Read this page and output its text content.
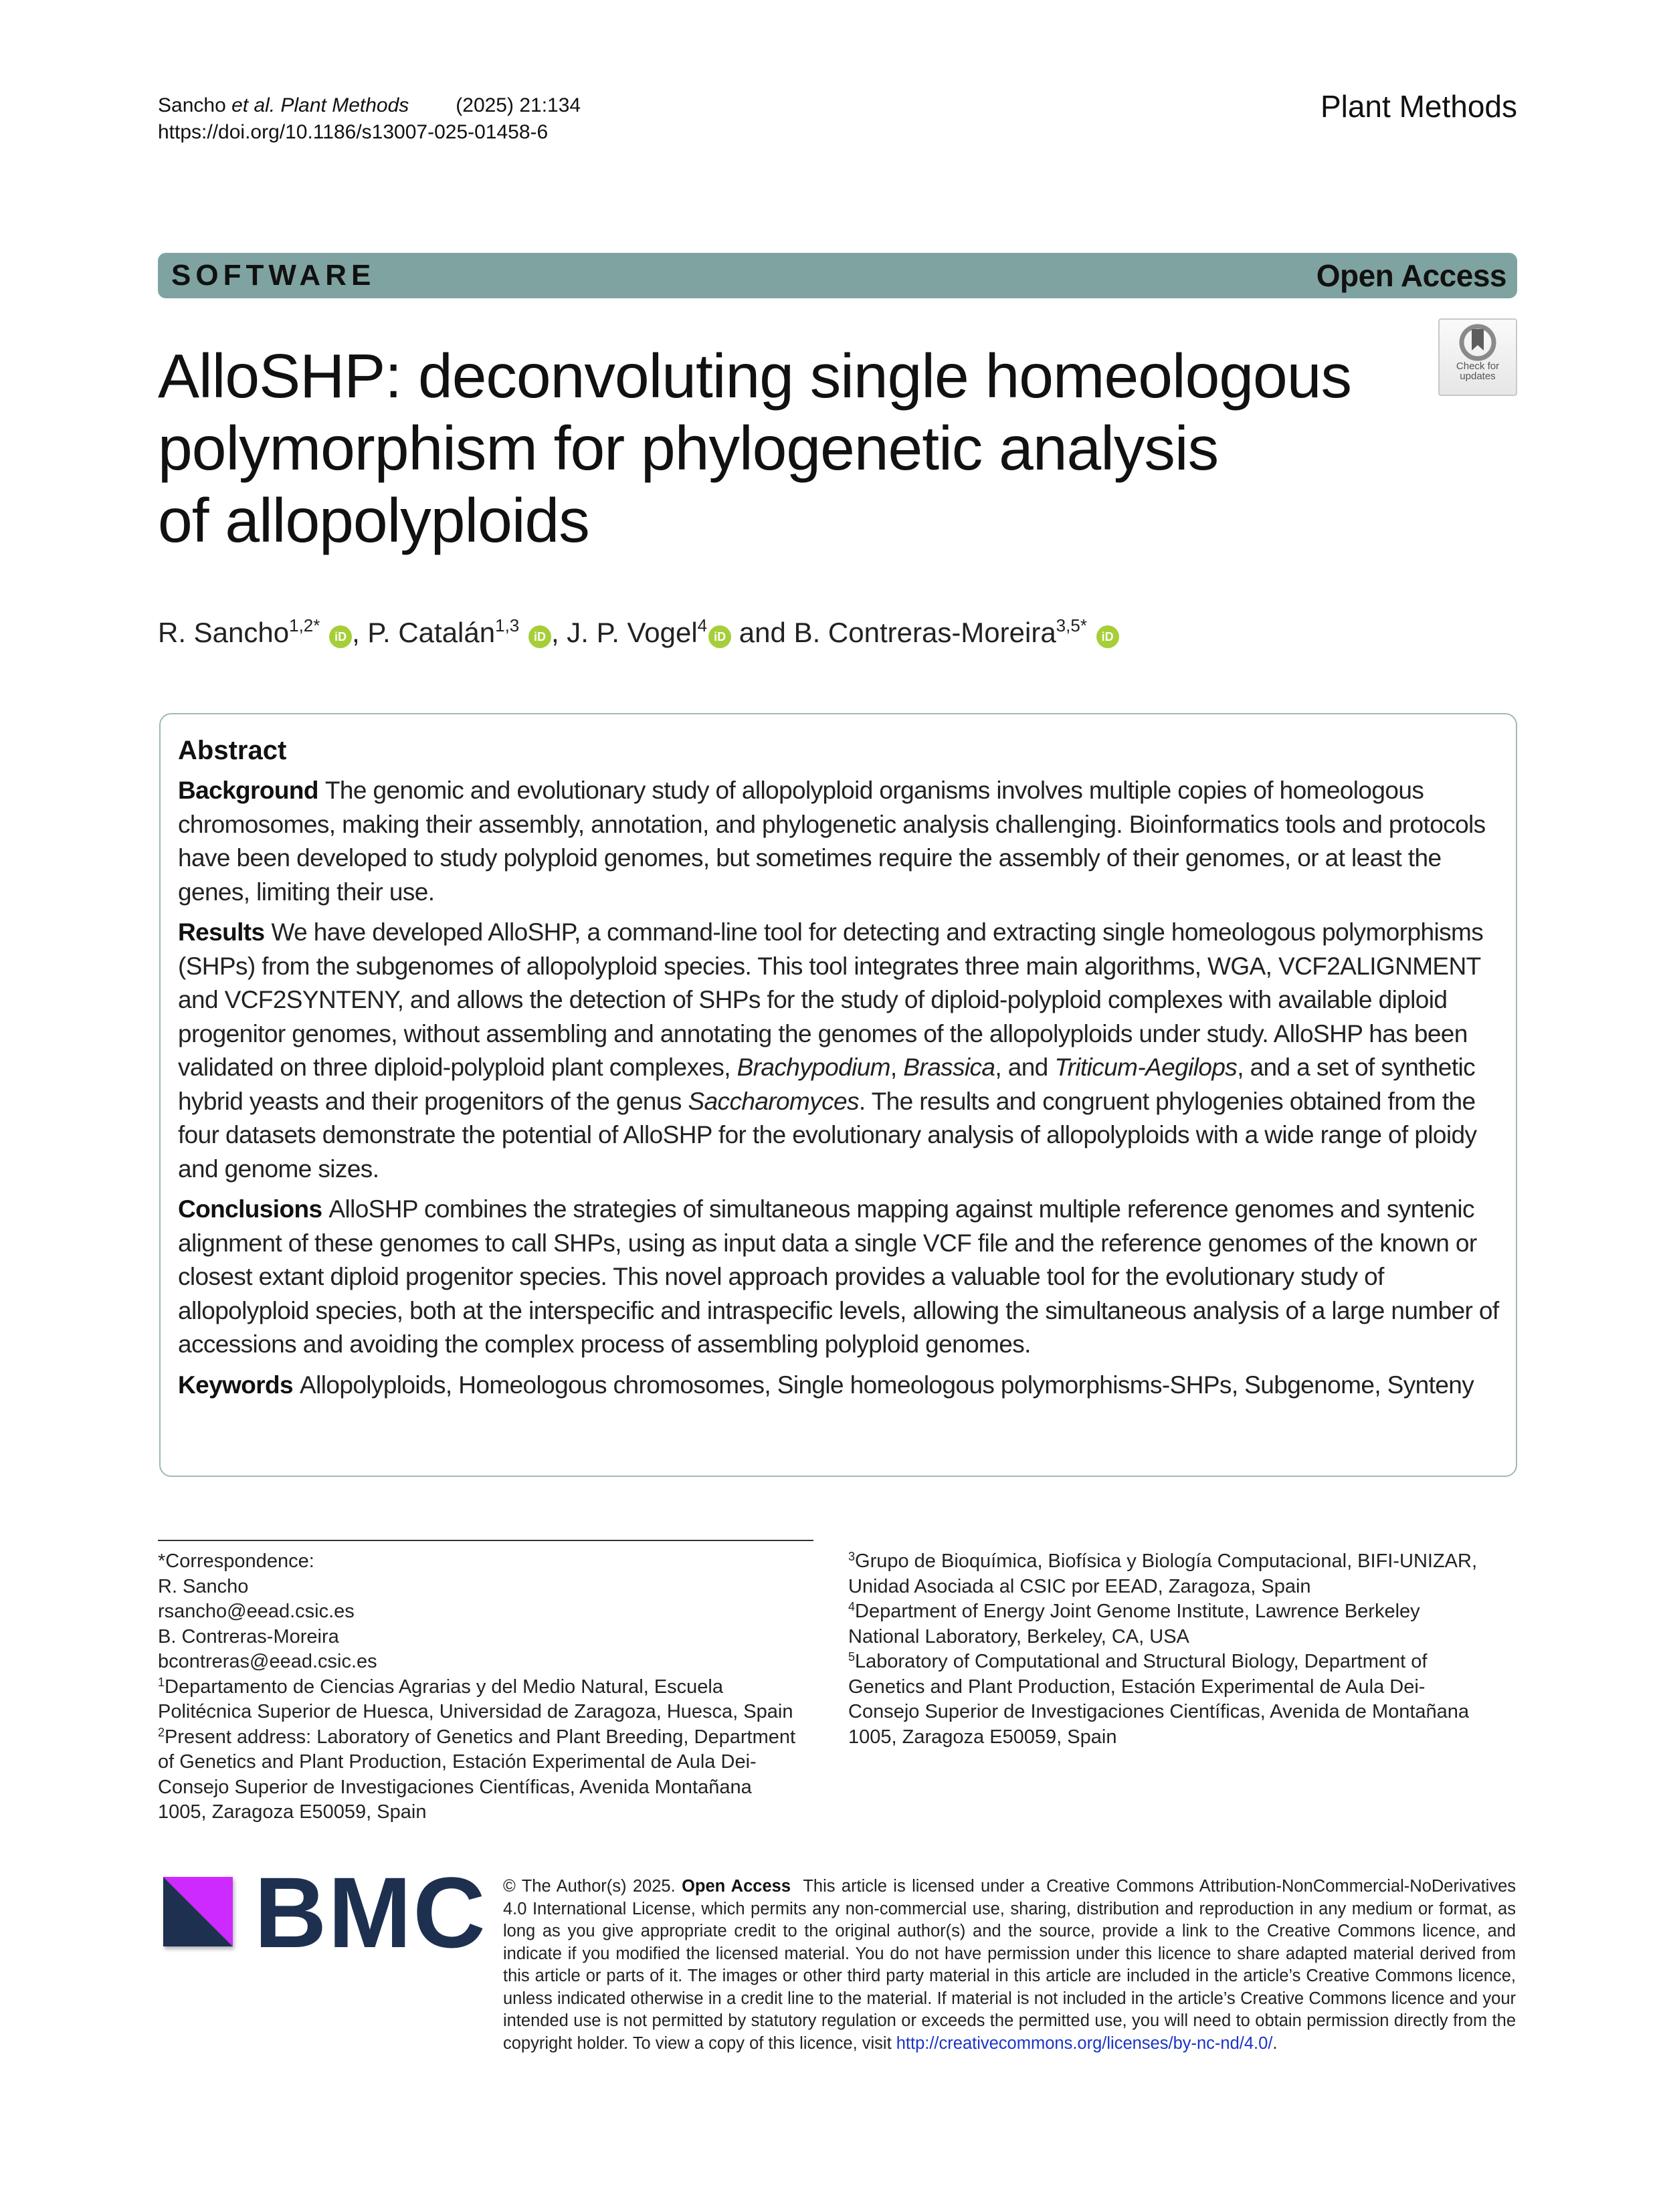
Sancho et al. Plant Methods (2025) 21:134
https://doi.org/10.1186/s13007-025-01458-6
Plant Methods
SOFTWARE	Open Access
Check for
updates
AlloSHP: deconvoluting single homeologous
polymorphism for phylogenetic analysis
of allopolyploids
R. Sancho$^{1,2*}$ iD , P. Catalán$^{1,3}$ iD , J. P. Vogel$^4$iD and B. Contreras-Moreira$^{3,5*}$ iD
Abstract

Background The genomic and evolutionary study of allopolyploid organisms involves multiple copies of homeologous chromosomes, making their assembly, annotation, and phylogenetic analysis challenging. Bioinformatics tools and protocols have been developed to study polyploid genomes, but sometimes require the assembly of their genomes, or at least the genes, limiting their use.

Results We have developed AlloSHP, a command-line tool for detecting and extracting single homeologous polymorphisms (SHPs) from the subgenomes of allopolyploid species. This tool integrates three main algorithms, WGA, VCF2ALIGNMENT and VCF2SYNTENY, and allows the detection of SHPs for the study of diploid-polyploid complexes with available diploid progenitor genomes, without assembling and annotating the genomes of the allopolyploids under study. AlloSHP has been validated on three diploid-polyploid plant complexes, Brachypodium, Brassica, and Triticum-Aegilops, and a set of synthetic hybrid yeasts and their progenitors of the genus Saccharomyces. The results and congruent phylogenies obtained from the four datasets demonstrate the potential of AlloSHP for the evolutionary analysis of allopolyploids with a wide range of ploidy and genome sizes.

Conclusions AlloSHP combines the strategies of simultaneous mapping against multiple reference genomes and syntenic alignment of these genomes to call SHPs, using as input data a single VCF file and the reference genomes of the known or closest extant diploid progenitor species. This novel approach provides a valuable tool for the evolutionary study of allopolyploid species, both at the interspecific and intraspecific levels, allowing the simultaneous analysis of a large number of accessions and avoiding the complex process of assembling polyploid genomes.

Keywords Allopolyploids, Homeologous chromosomes, Single homeologous polymorphisms-SHPs, Subgenome, Synteny

*Correspondence:
R. Sancho
rsancho@eead.csic.es
B. Contreras-Moreira
bcontreras@eead.csic.es
$^1$Departamento de Ciencias Agrarias y del Medio Natural, Escuela
Politécnica Superior de Huesca, Universidad de Zaragoza, Huesca, Spain
$^2$Present address: Laboratory of Genetics and Plant Breeding, Department
of Genetics and Plant Production, Estación Experimental de Aula Dei-
Consejo Superior de Investigaciones Científicas, Avenida Montañana
1005, Zaragoza E50059, Spain
$^3$Grupo de Bioquímica, Biofísica y Biología Computacional, BIFI-UNIZAR,
Unidad Asociada al CSIC por EEAD, Zaragoza, Spain
$^4$Department of Energy Joint Genome Institute, Lawrence Berkeley
National Laboratory, Berkeley, CA, USA
$^5$Laboratory of Computational and Structural Biology, Department of
Genetics and Plant Production, Estación Experimental de Aula Dei-
Consejo Superior de Investigaciones Científicas, Avenida de Montañana
1005, Zaragoza E50059, Spain
BMC © The Author(s) 2025. Open Access This article is licensed under a Creative Commons Attribution-NonCommercial-NoDerivatives 4.0 International License, which permits any non-commercial use, sharing, distribution and reproduction in any medium or format, as long as you give appropriate credit to the original author(s) and the source, provide a link to the Creative Commons licence, and indicate if you modified the licensed material. You do not have permission under this licence to share adapted material derived from this article or parts of it. The images or other third party material in this article are included in the article’s Creative Commons licence, unless indicated otherwise in a credit line to the material. If material is not included in the article’s Creative Commons licence and your intended use is not permitted by statutory regulation or exceeds the permitted use, you will need to obtain permission directly from the copyright holder. To view a copy of this licence, visit http://creativecommons.org/licenses/by-nc-nd/4.0/.
